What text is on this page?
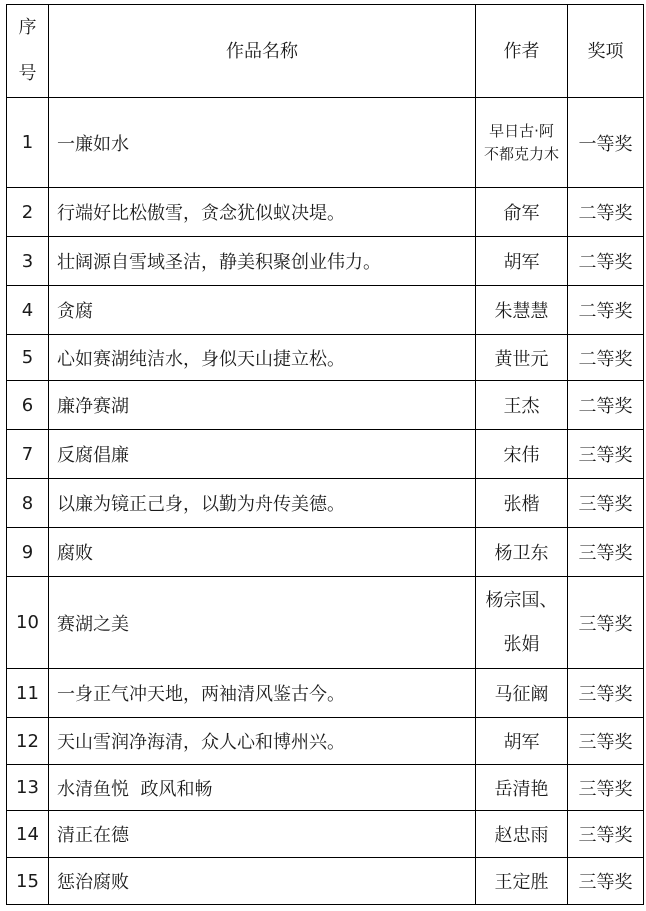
序
号	作品名称	作者	奖项
1	一廉如水	早日古·阿不都克力木	一等奖
2	行端好比松傲雪，贪念犹似蚁决堤。	俞军	二等奖
3	壮阔源自雪域圣洁，静美积聚创业伟力。	胡军	二等奖
4	贪腐	朱慧慧	二等奖
5	心如赛湖纯洁水，身似天山捷立松。	黄世元	二等奖
6	廉净赛湖	王杰	二等奖
7	反腐倡廉	宋伟	三等奖
8	以廉为镜正己身，以勤为舟传美德。	张楷	三等奖
9	腐败	杨卫东	三等奖
10	赛湖之美	杨宗国、张娟	三等奖
11	一身正气冲天地，两袖清风鉴古今。	马征阚	三等奖
12	天山雪润净海清，众人心和博州兴。	胡军	三等奖
13	水清鱼悦  政风和畅	岳清艳	三等奖
14	清正在德	赵忠雨	三等奖
15	惩治腐败	王定胜	三等奖
